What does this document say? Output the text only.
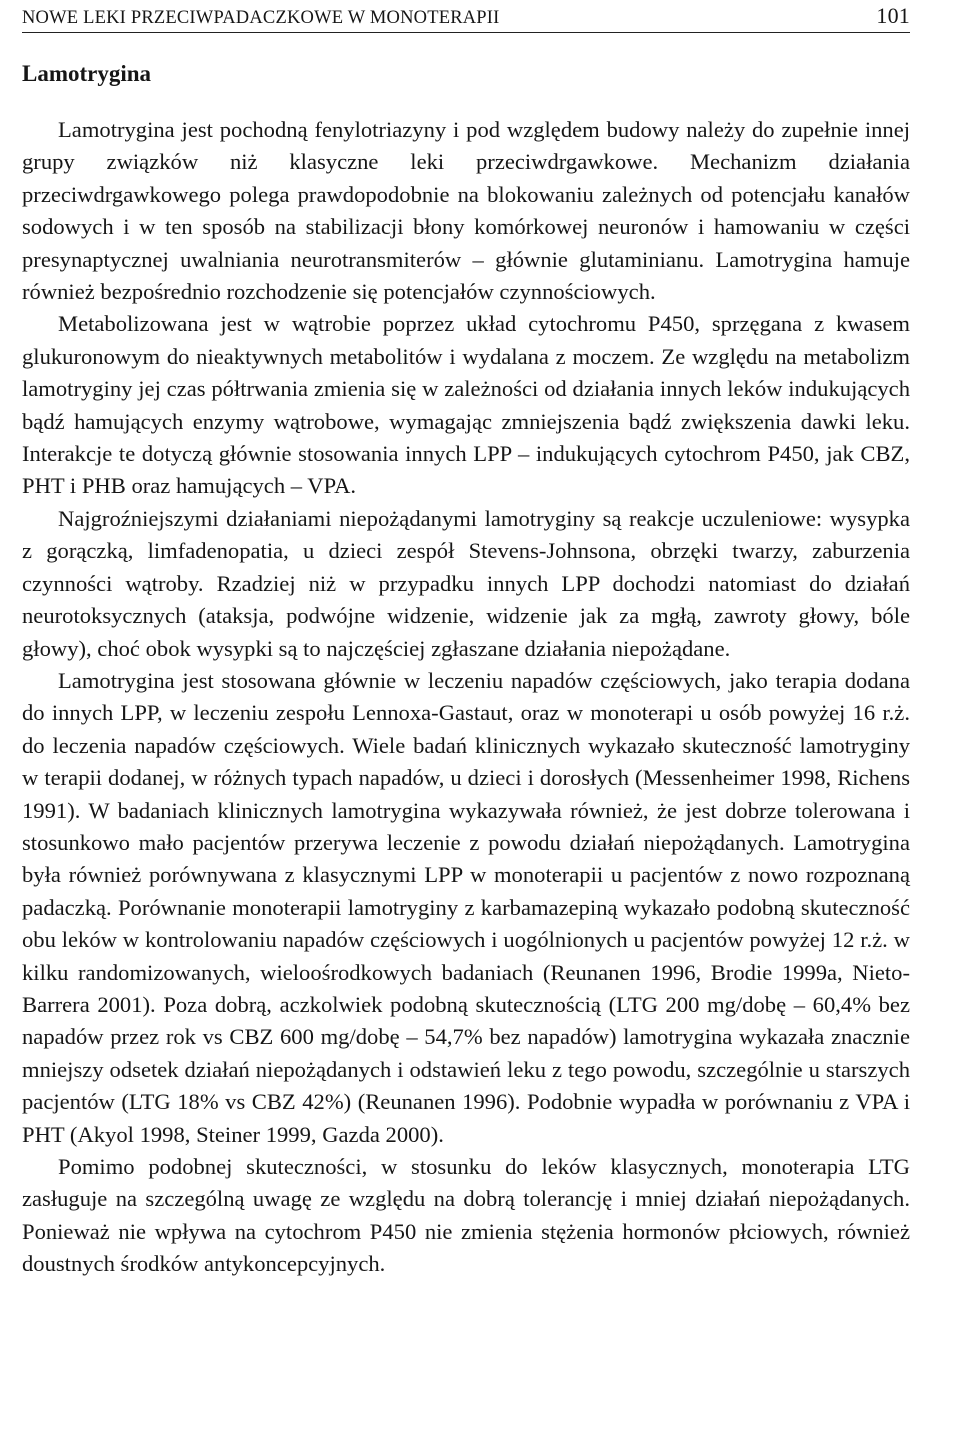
NOWE LEKI PRZECIWPADACZKOWE W MONOTERAPII	101
Lamotrygina

Lamotrygina jest pochodną fenylotriazyny i pod względem budowy należy do zupełnie innej grupy związków niż klasyczne leki przeciwdrgawkowe. Mechanizm działania przeciwdrgawkowego polega prawdopodobnie na blokowaniu zależnych od potencjału kanałów sodowych i w ten sposób na stabilizacji błony komórkowej neuronów i hamowaniu w części presynaptycznej uwalniania neurotransmiterów – głównie glutaminianu. Lamotrygina hamuje również bezpośrednio rozchodzenie się potencjałów czynnościowych.

Metabolizowana jest w wątrobie poprzez układ cytochromu P450, sprzęgana z kwasem glukuronowym do nieaktywnych metabolitów i wydalana z moczem. Ze względu na metabolizm lamotryginy jej czas półtrwania zmienia się w zależności od działania innych leków indukujących bądź hamujących enzymy wątrobowe, wymagając zmniejszenia bądź zwiększenia dawki leku. Interakcje te dotyczą głównie stosowania innych LPP – indukujących cytochrom P450, jak CBZ, PHT i PHB oraz hamujących – VPA.

Najgroźniejszymi działaniami niepożądanymi lamotryginy są reakcje uczuleniowe: wysypka z gorączką, limfadenopatia, u dzieci zespół Stevens-Johnsona, obrzęki twarzy, zaburzenia czynności wątroby. Rzadziej niż w przypadku innych LPP dochodzi natomiast do działań neurotoksycznych (ataksja, podwójne widzenie, widzenie jak za mgłą, zawroty głowy, bóle głowy), choć obok wysypki są to najczęściej zgłaszane działania niepożądane.

Lamotrygina jest stosowana głównie w leczeniu napadów częściowych, jako terapia dodana do innych LPP, w leczeniu zespołu Lennoxa-Gastaut, oraz w monoterapi u osób powyżej 16 r.ż. do leczenia napadów częściowych. Wiele badań klinicznych wykazało skuteczność lamotryginy w terapii dodanej, w różnych typach napadów, u dzieci i dorosłych (Messenheimer 1998, Richens 1991). W badaniach klinicznych lamotrygina wykazywała również, że jest dobrze tolerowana i stosunkowo mało pacjentów przerywa leczenie z powodu działań niepożądanych. Lamotrygina była również porównywana z klasycznymi LPP w monoterapii u pacjentów z nowo rozpoznaną padaczką. Porównanie monoterapii lamotryginy z karbamazepiną wykazało podobną skuteczność obu leków w kontrolowaniu napadów częściowych i uogólnionych u pacjentów powyżej 12 r.ż. w kilku randomizowanych, wieloośrodkowych badaniach (Reunanen 1996, Brodie 1999a, Nieto-Barrera 2001). Poza dobrą, aczkolwiek podobną skutecznością (LTG 200 mg/dobę – 60,4% bez napadów przez rok vs CBZ 600 mg/dobę – 54,7% bez napadów) lamotrygina wykazała znacznie mniejszy odsetek działań niepożądanych i odstawień leku z tego powodu, szczególnie u starszych pacjentów (LTG 18% vs CBZ 42%) (Reunanen 1996). Podobnie wypadła w porównaniu z VPA i PHT (Akyol 1998, Steiner 1999, Gazda 2000).

Pomimo podobnej skuteczności, w stosunku do leków klasycznych, monoterapia LTG zasługuje na szczególną uwagę ze względu na dobrą tolerancję i mniej działań niepożądanych. Ponieważ nie wpływa na cytochrom P450 nie zmienia stężenia hormonów płciowych, również doustnych środków antykoncepcyjnych.
